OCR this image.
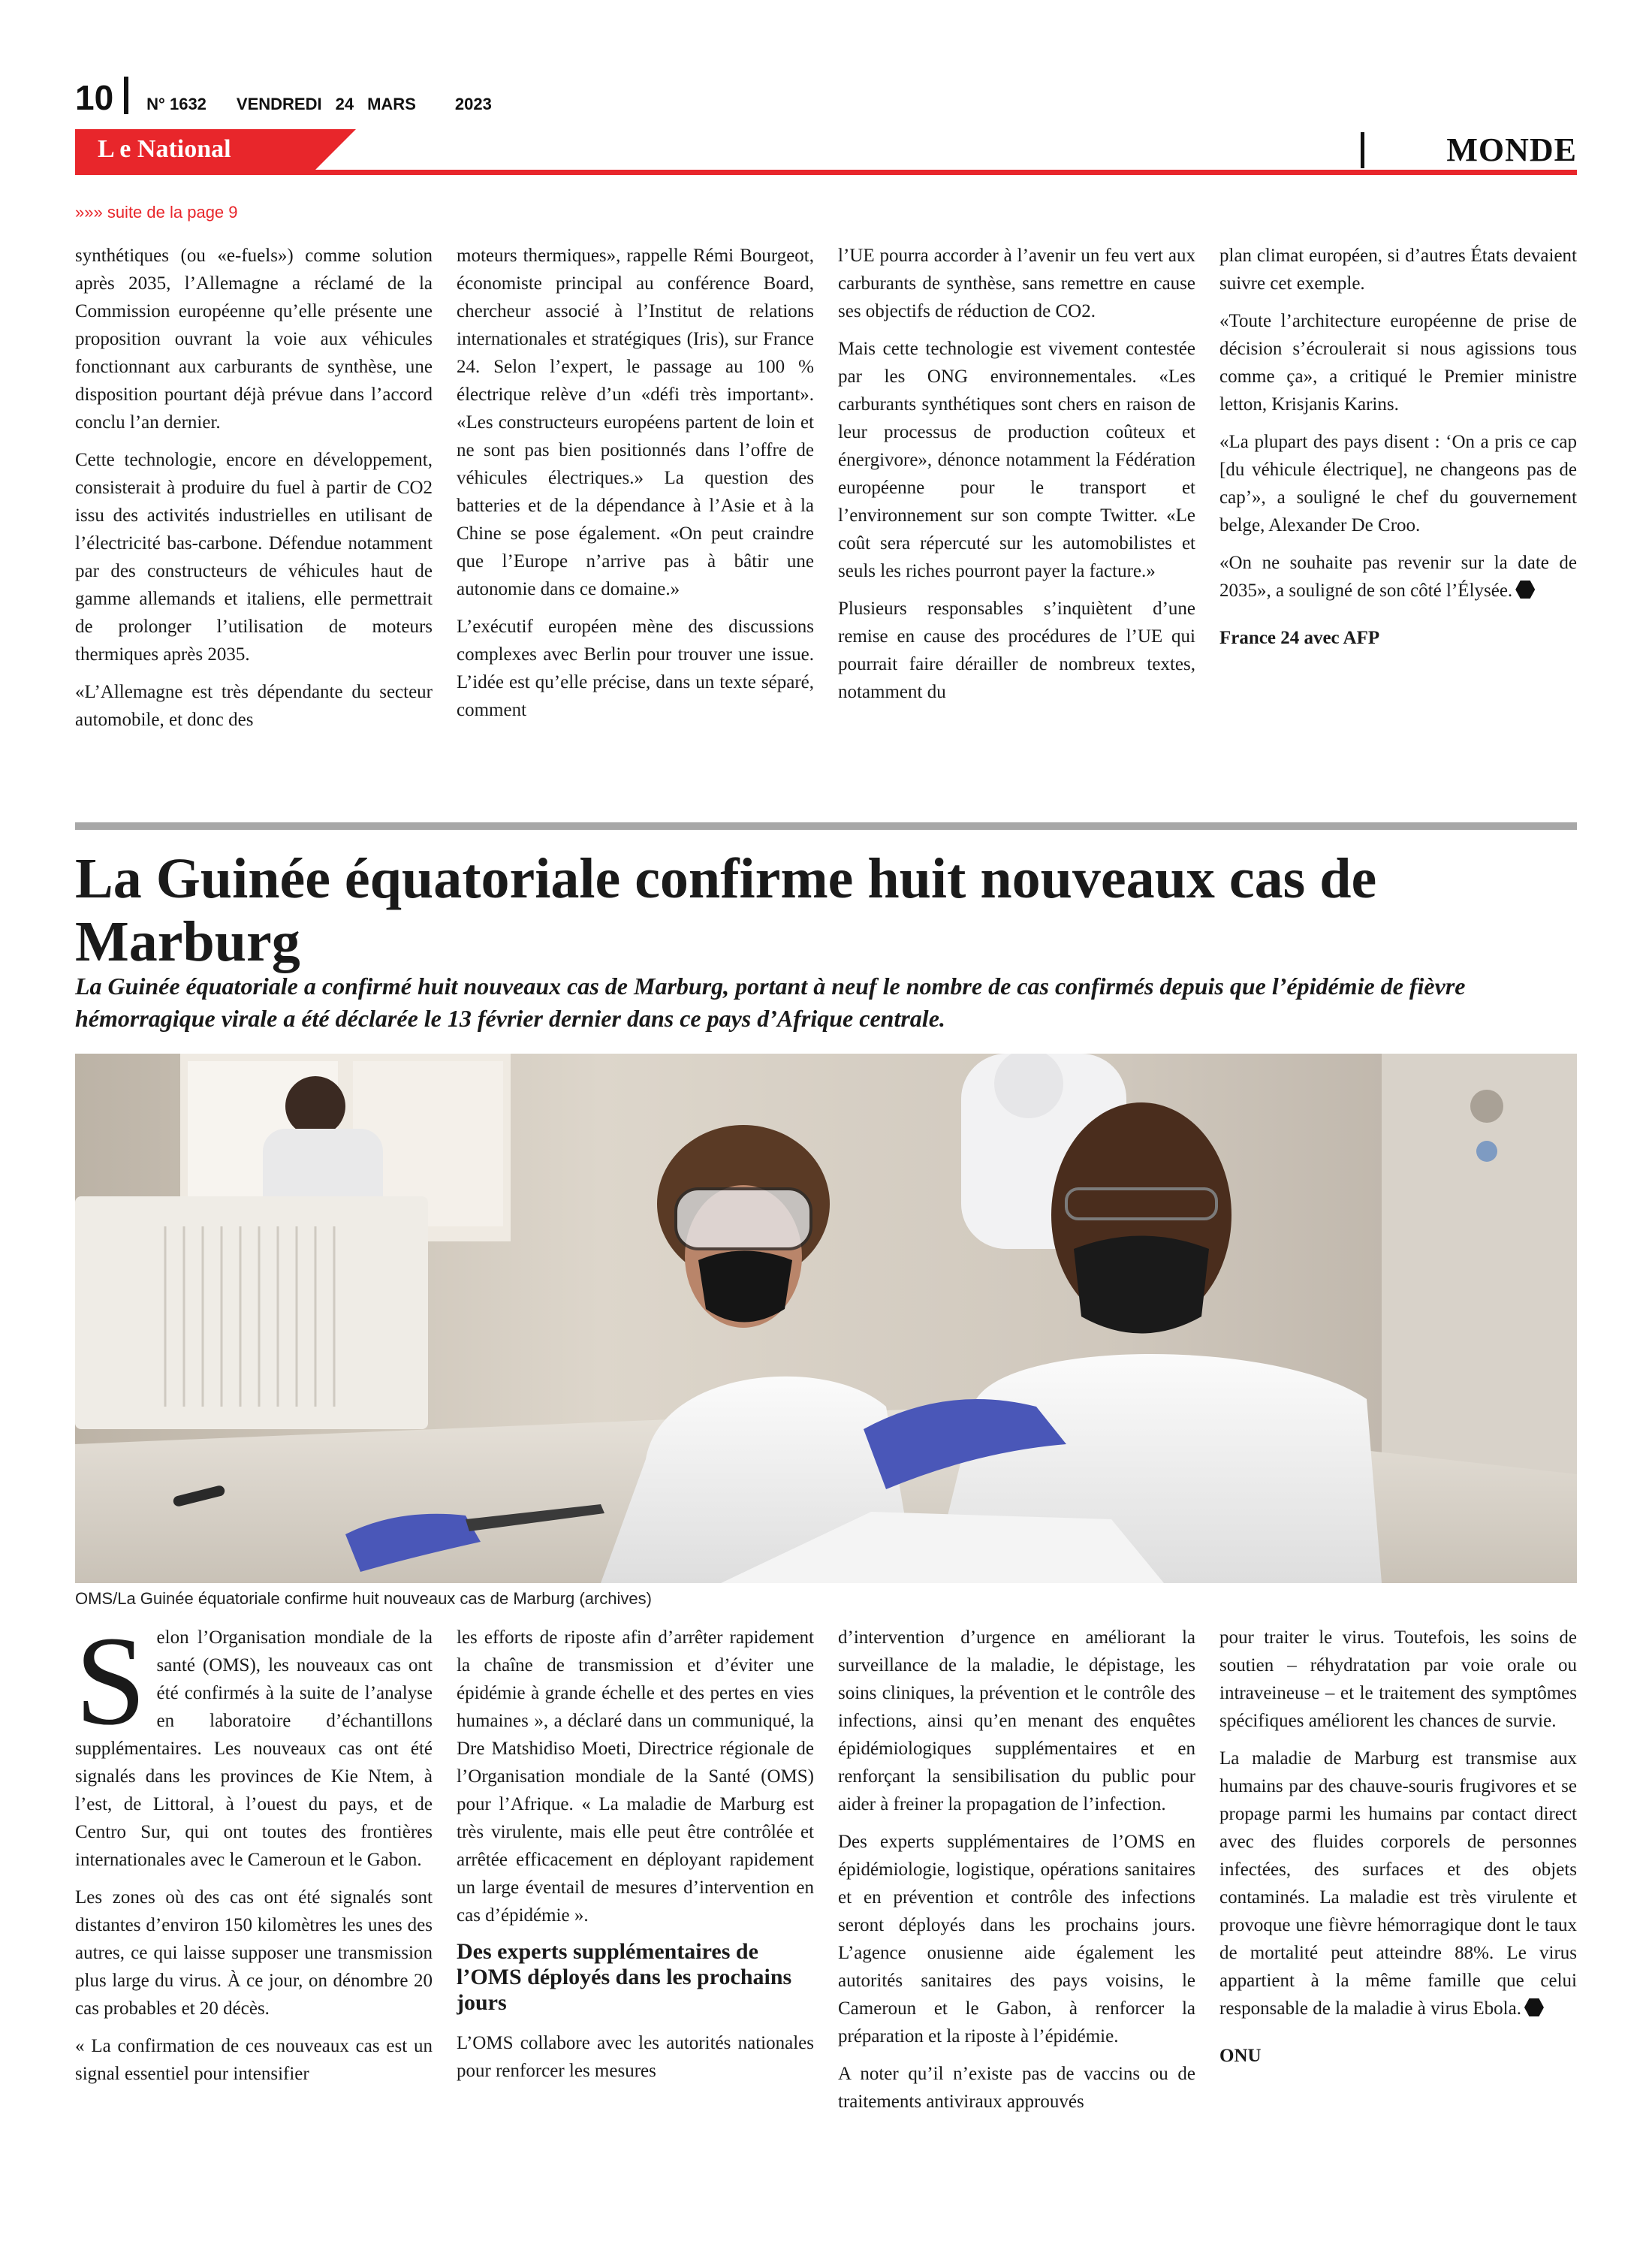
10 N° 1632 VENDREDI 24 MARS 2023
L e National	MONDE
»»» suite de la page 9

synthétiques (ou «e-fuels») comme solution après 2035, l’Allemagne a réclamé de la Commission européenne qu’elle présente une proposition ouvrant la voie aux véhicules fonctionnant aux carburants de synthèse, une disposition pourtant déjà prévue dans l’accord conclu l’an dernier.

Cette technologie, encore en développement, consisterait à produire du fuel à partir de CO2 issu des activités industrielles en utilisant de l’électricité bas-carbone. Défendue notamment par des constructeurs de véhicules haut de gamme allemands et italiens, elle permettrait de prolonger l’utilisation de moteurs thermiques après 2035.

«L’Allemagne est très dépendante du secteur automobile, et donc des

moteurs thermiques», rappelle Rémi Bourgeot, économiste principal au conférence Board, chercheur associé à l’Institut de relations internationales et stratégiques (Iris), sur France 24. Selon l’expert, le passage au 100 % électrique relève d’un «défi très important». «Les constructeurs européens partent de loin et ne sont pas bien positionnés dans l’offre de véhicules électriques.» La question des batteries et de la dépendance à l’Asie et à la Chine se pose également. «On peut craindre que l’Europe n’arrive pas à bâtir une autonomie dans ce domaine.»

L’exécutif européen mène des discussions complexes avec Berlin pour trouver une issue. L’idée est qu’elle précise, dans un texte séparé, comment

l’UE pourra accorder à l’avenir un feu vert aux carburants de synthèse, sans remettre en cause ses objectifs de réduction de CO2.

Mais cette technologie est vivement contestée par les ONG environnementales. «Les carburants synthétiques sont chers en raison de leur processus de production coûteux et énergivore», dénonce notamment la Fédération européenne pour le transport et l’environnement sur son compte Twitter. «Le coût sera répercuté sur les automobilistes et seuls les riches pourront payer la facture.»

Plusieurs responsables s’inquiètent d’une remise en cause des procédures de l’UE qui pourrait faire dérailler de nombreux textes, notamment du

plan climat européen, si d’autres États devaient suivre cet exemple.

«Toute l’architecture européenne de prise de décision s’écroulerait si nous agissions tous comme ça», a critiqué le Premier ministre letton, Krisjanis Karins.

«La plupart des pays disent : ‘On a pris ce cap [du véhicule électrique], ne changeons pas de cap’», a souligné le chef du gouvernement belge, Alexander De Croo.

«On ne souhaite pas revenir sur la date de 2035», a souligné de son côté l’Élysée.

France 24 avec AFP

La Guinée équatoriale confirme huit nouveaux cas de Marburg

La Guinée équatoriale a confirmé huit nouveaux cas de Marburg, portant à neuf le nombre de cas confirmés depuis que l’épidémie de fièvre hémorragique virale a été déclarée le 13 février dernier dans ce pays d’Afrique centrale.

OMS/La Guinée équatoriale confirme huit nouveaux cas de Marburg (archives)

Selon l’Organisation mondiale de la santé (OMS), les nouveaux cas ont été confirmés à la suite de l’analyse en laboratoire d’échantillons supplémentaires. Les nouveaux cas ont été signalés dans les provinces de Kie Ntem, à l’est, de Littoral, à l’ouest du pays, et de Centro Sur, qui ont toutes des frontières internationales avec le Cameroun et le Gabon.

Les zones où des cas ont été signalés sont distantes d’environ 150 kilomètres les unes des autres, ce qui laisse supposer une transmission plus large du virus. À ce jour, on dénombre 20 cas probables et 20 décès.

« La confirmation de ces nouveaux cas est un signal essentiel pour intensifier

les efforts de riposte afin d’arrêter rapidement la chaîne de transmission et d’éviter une épidémie à grande échelle et des pertes en vies humaines », a déclaré dans un communiqué, la Dre Matshidiso Moeti, Directrice régionale de l’Organisation mondiale de la Santé (OMS) pour l’Afrique. « La maladie de Marburg est très virulente, mais elle peut être contrôlée et arrêtée efficacement en déployant rapidement un large éventail de mesures d’intervention en cas d’épidémie ».

Des experts supplémentaires de l’OMS déployés dans les prochains jours

L’OMS collabore avec les autorités nationales pour renforcer les mesures

d’intervention d’urgence en améliorant la surveillance de la maladie, le dépistage, les soins cliniques, la prévention et le contrôle des infections, ainsi qu’en menant des enquêtes épidémiologiques supplémentaires et en renforçant la sensibilisation du public pour aider à freiner la propagation de l’infection.

Des experts supplémentaires de l’OMS en épidémiologie, logistique, opérations sanitaires et en prévention et contrôle des infections seront déployés dans les prochains jours. L’agence onusienne aide également les autorités sanitaires des pays voisins, le Cameroun et le Gabon, à renforcer la préparation et la riposte à l’épidémie.

A noter qu’il n’existe pas de vaccins ou de traitements antiviraux approuvés

pour traiter le virus. Toutefois, les soins de soutien – réhydratation par voie orale ou intraveineuse – et le traitement des symptômes spécifiques améliorent les chances de survie.

La maladie de Marburg est transmise aux humains par des chauve-souris frugivores et se propage parmi les humains par contact direct avec des fluides corporels de personnes infectées, des surfaces et des objets contaminés. La maladie est très virulente et provoque une fièvre hémorragique dont le taux de mortalité peut atteindre 88%. Le virus appartient à la même famille que celui responsable de la maladie à virus Ebola.

ONU
